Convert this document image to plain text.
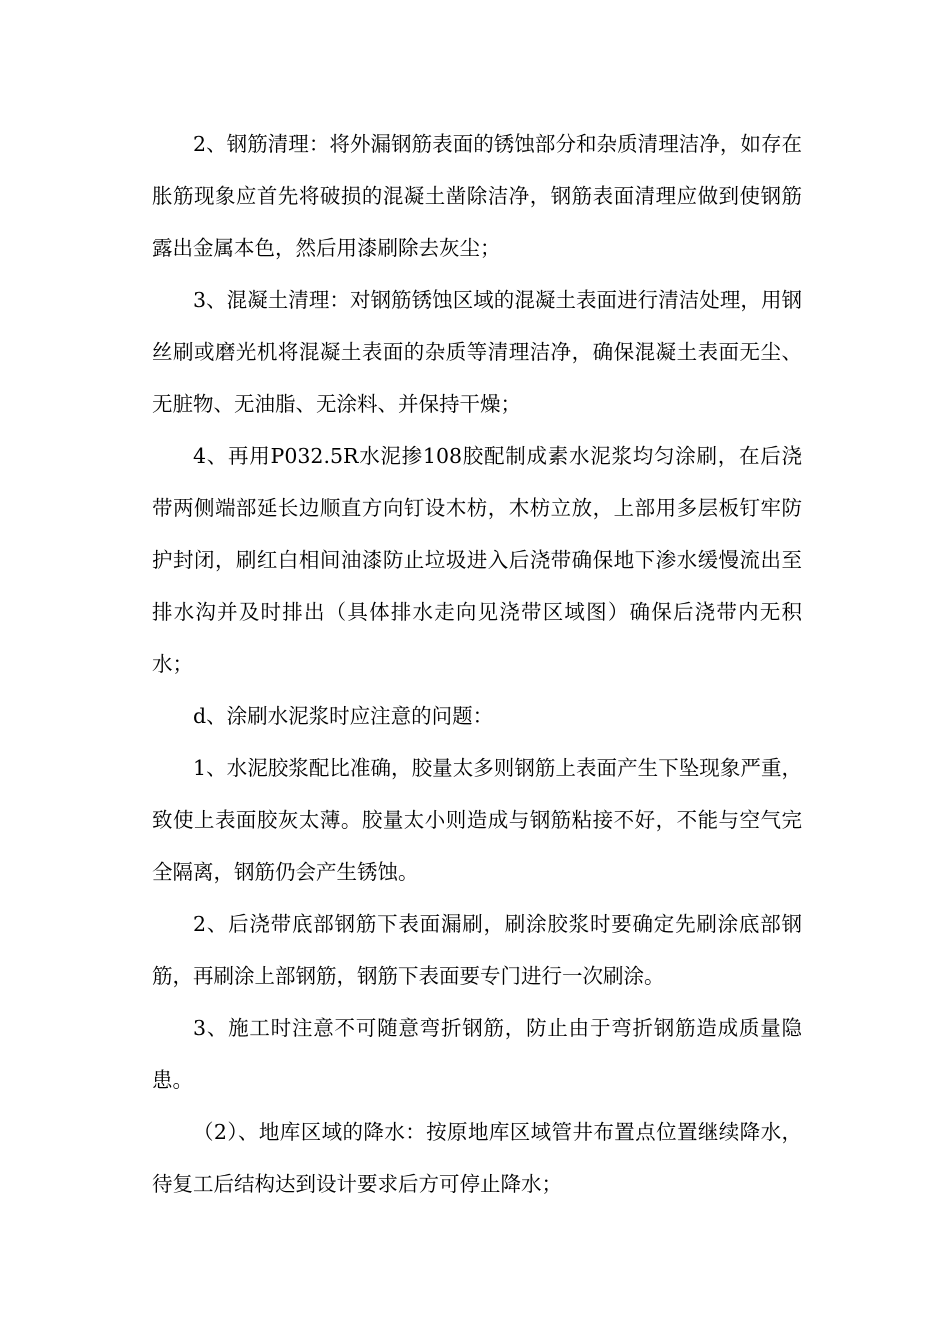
2、钢筋清理：将外漏钢筋表面的锈蚀部分和杂质清理洁净，如存在胀筋现象应首先将破损的混凝土凿除洁净，钢筋表面清理应做到使钢筋露出金属本色，然后用漆刷除去灰尘；

3、混凝土清理：对钢筋锈蚀区域的混凝土表面进行清洁处理，用钢丝刷或磨光机将混凝土表面的杂质等清理洁净，确保混凝土表面无尘、无脏物、无油脂、无涂料、并保持干燥；

4、再用P032.5R水泥掺108胶配制成素水泥浆均匀涂刷，在后浇带两侧端部延长边顺直方向钉设木枋，木枋立放，上部用多层板钉牢防护封闭，刷红白相间油漆防止垃圾进入后浇带确保地下渗水缓慢流出至排水沟并及时排出（具体排水走向见浇带区域图）确保后浇带内无积水；

d、涂刷水泥浆时应注意的问题：

1、水泥胶浆配比准确，胶量太多则钢筋上表面产生下坠现象严重，致使上表面胶灰太薄。胶量太小则造成与钢筋粘接不好，不能与空气完全隔离，钢筋仍会产生锈蚀。

2、后浇带底部钢筋下表面漏刷，刷涂胶浆时要确定先刷涂底部钢筋，再刷涂上部钢筋，钢筋下表面要专门进行一次刷涂。

3、施工时注意不可随意弯折钢筋，防止由于弯折钢筋造成质量隐患。

（2）、地库区域的降水：按原地库区域管井布置点位置继续降水，待复工后结构达到设计要求后方可停止降水；
